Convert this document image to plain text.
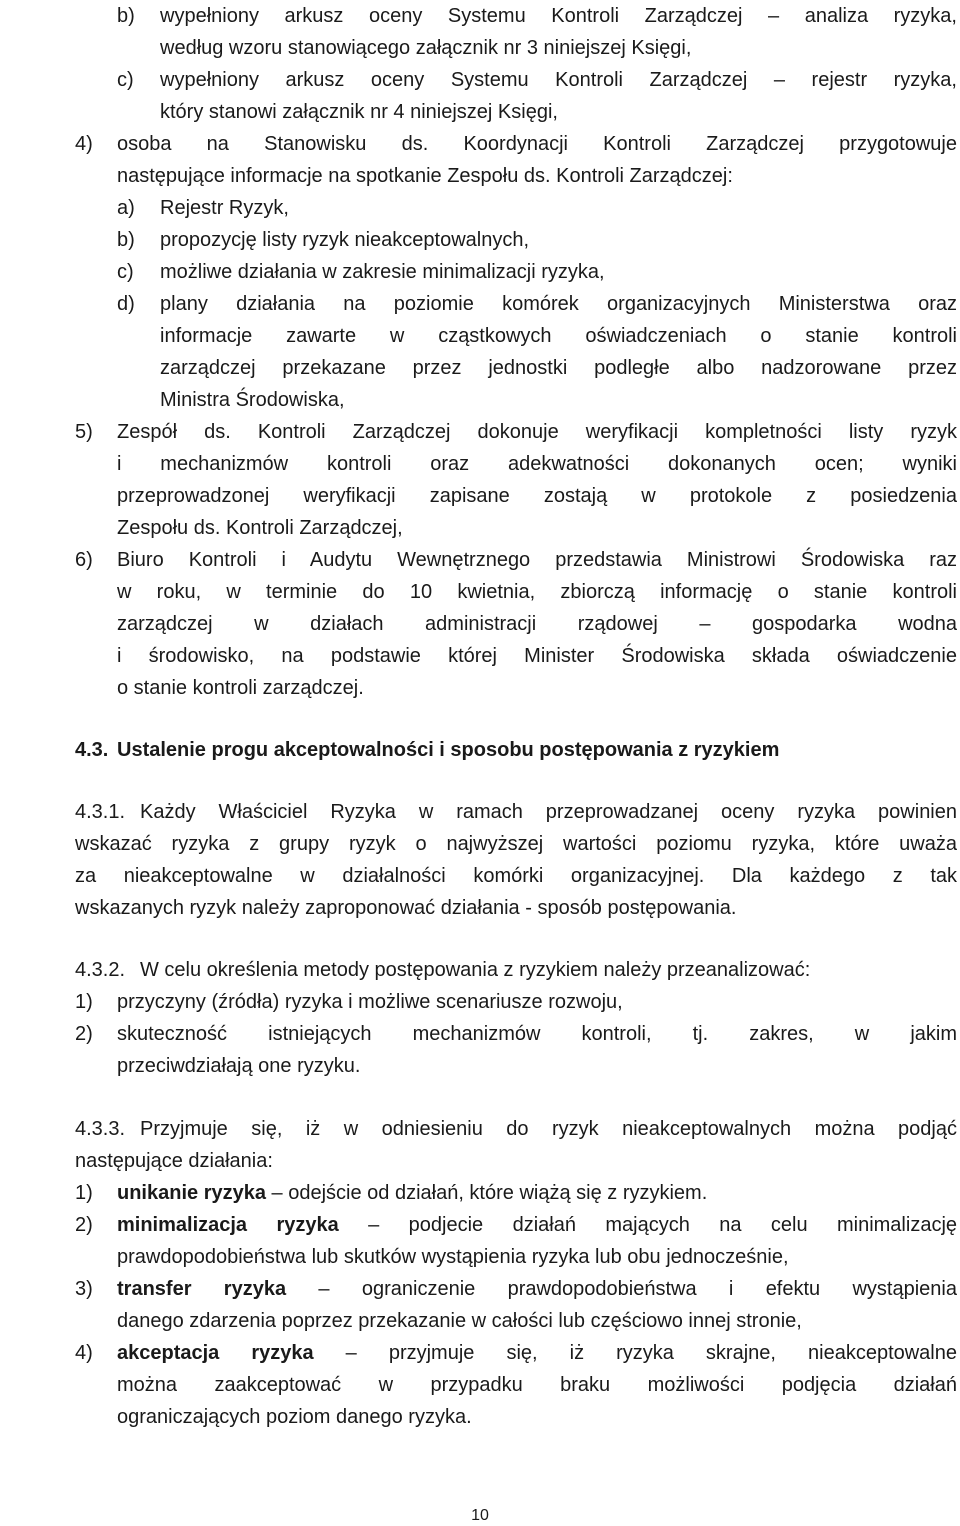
b) wypełniony arkusz oceny Systemu Kontroli Zarządczej – analiza ryzyka,
według wzoru stanowiącego załącznik nr 3 niniejszej Księgi,
c) wypełniony arkusz oceny Systemu Kontroli Zarządczej – rejestr ryzyka,
który stanowi załącznik nr 4 niniejszej Księgi,
4) osoba na Stanowisku ds. Koordynacji Kontroli Zarządczej przygotowuje
następujące informacje na spotkanie Zespołu ds. Kontroli Zarządczej:
a) Rejestr Ryzyk,
b) propozycję listy ryzyk nieakceptowalnych,
c) możliwe działania w zakresie minimalizacji ryzyka,
d) plany działania na poziomie komórek organizacyjnych Ministerstwa oraz
informacje zawarte w cząstkowych oświadczeniach o stanie kontroli
zarządczej przekazane przez jednostki podległe albo nadzorowane przez
Ministra Środowiska,
5) Zespół ds. Kontroli Zarządczej dokonuje weryfikacji kompletności listy ryzyk
i mechanizmów kontroli oraz adekwatności dokonanych ocen; wyniki
przeprowadzonej weryfikacji zapisane zostają w protokole z posiedzenia
Zespołu ds. Kontroli Zarządczej,
6) Biuro Kontroli i Audytu Wewnętrznego przedstawia Ministrowi Środowiska raz
w roku, w terminie do 10 kwietnia, zbiorczą informację o stanie kontroli
zarządczej w działach administracji rządowej – gospodarka wodna
i środowisko, na podstawie której Minister Środowiska składa oświadczenie
o stanie kontroli zarządczej.
4.3. Ustalenie progu akceptowalności i sposobu postępowania z ryzykiem
4.3.1. Każdy Właściciel Ryzyka w ramach przeprowadzanej oceny ryzyka powinien
wskazać ryzyka z grupy ryzyk o najwyższej wartości poziomu ryzyka, które uważa
za nieakceptowalne w działalności komórki organizacyjnej. Dla każdego z tak
wskazanych ryzyk należy zaproponować działania - sposób postępowania.
4.3.2. W celu określenia metody postępowania z ryzykiem należy przeanalizować:
1) przyczyny (źródła) ryzyka i możliwe scenariusze rozwoju,
2) skuteczność istniejących mechanizmów kontroli, tj. zakres, w jakim
przeciwdziałają one ryzyku.
4.3.3. Przyjmuje się, iż w odniesieniu do ryzyk nieakceptowalnych można podjąć
następujące działania:
1) unikanie ryzyka – odejście od działań, które wiążą się z ryzykiem.
2) minimalizacja ryzyka – podjecie działań mających na celu minimalizację
prawdopodobieństwa lub skutków wystąpienia ryzyka lub obu jednocześnie,
3) transfer ryzyka – ograniczenie prawdopodobieństwa i efektu wystąpienia
danego zdarzenia poprzez przekazanie w całości lub częściowo innej stronie,
4) akceptacja ryzyka – przyjmuje się, iż ryzyka skrajne, nieakceptowalne
można zaakceptować w przypadku braku możliwości podjęcia działań
ograniczających poziom danego ryzyka.
10
